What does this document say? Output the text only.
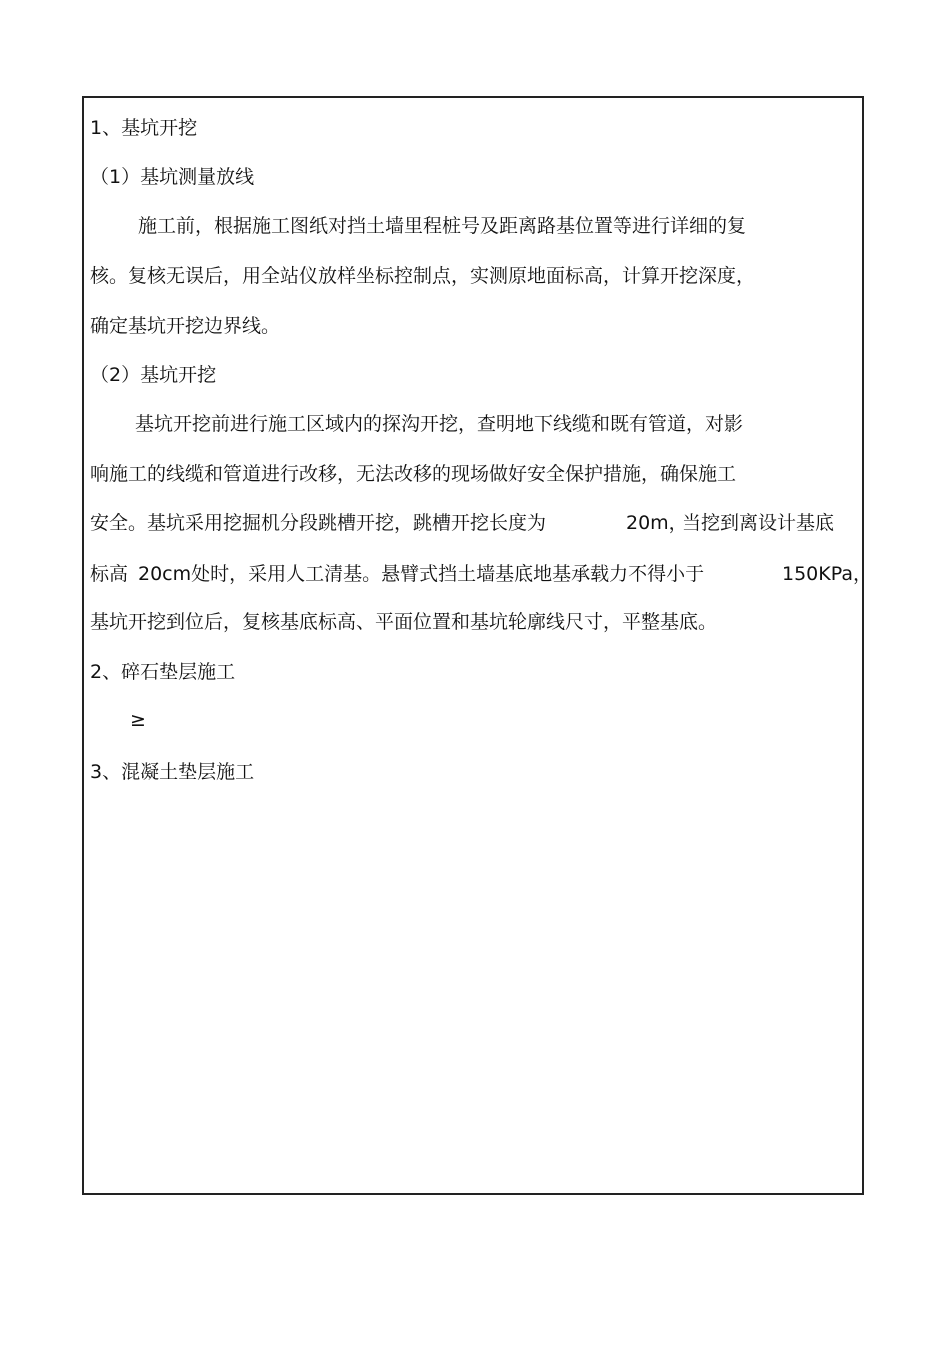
1、基坑开挖
（1）基坑测量放线
施工前，根据施工图纸对挡土墙里程桩号及距离路基位置等进行详细的复
核。复核无误后，用全站仪放样坐标控制点，实测原地面标高，计算开挖深度，
确定基坑开挖边界线。
（2）基坑开挖
基坑开挖前进行施工区域内的探沟开挖，查明地下线缆和既有管道，对影
响施工的线缆和管道进行改移，无法改移的现场做好安全保护措施，确保施工
安全。基坑采用挖掘机分段跳槽开挖，跳槽开挖长度为	20m，
当挖到离设计基底
标高 20cm处时，采用人工清基。悬臂式挡土墙基底地基承载力不得小于	150KPa，
基坑开挖到位后，复核基底标高、平面位置和基坑轮廓线尺寸，平整基底。
2、碎石垫层施工
≥
3、混凝土垫层施工
